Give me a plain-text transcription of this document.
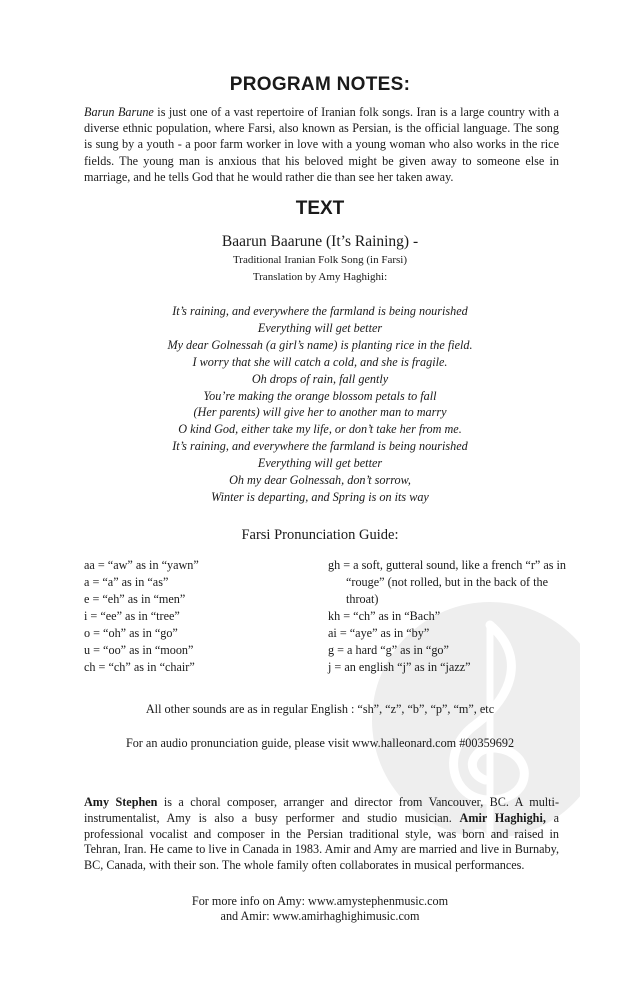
PROGRAM NOTES:

Barun Barune is just one of a vast repertoire of Iranian folk songs. Iran is a large country with a diverse ethnic population, where Farsi, also known as Persian, is the official language. The song is sung by a youth - a poor farm worker in love with a young woman who also works in the rice fields. The young man is anxious that his beloved might be given away to someone else in marriage, and he tells God that he would rather die than see her taken away.

TEXT

Baarun Baarune (It’s Raining) -

Traditional Iranian Folk Song (in Farsi)

Translation by Amy Haghighi:

It’s raining, and everywhere the farmland is being nourished
Everything will get better
My dear Golnessah (a girl’s name) is planting rice in the field.
I worry that she will catch a cold, and she is fragile.
Oh drops of rain, fall gently
You’re making the orange blossom petals to fall
(Her parents) will give her to another man to marry
O kind God, either take my life, or don’t take her from me.
It’s raining, and everywhere the farmland is being nourished
Everything will get better
Oh my dear Golnessah, don’t sorrow,
Winter is departing, and Spring is on its way
Farsi Pronunciation Guide:
aa = “aw” as in “yawn”
a = “a” as in “as”
e = “eh” as in “men”
i = “ee” as in “tree”
o = “oh” as in “go”
u = “oo” as in “moon”
ch = “ch” as in “chair”
gh = a soft, gutteral sound, like a french “r” as in “rouge” (not rolled, but in the back of the throat)
kh = “ch” as in “Bach”
ai = “aye” as in “by”
g = a hard “g” as in “go”
j = an english “j” as in “jazz”

All other sounds are as in regular English : “sh”, “z”, “b”, “p”, “m”, etc

For an audio pronunciation guide, please visit www.halleonard.com #00359692

Amy Stephen is a choral composer, arranger and director from Vancouver, BC. A multi-instrumentalist, Amy is also a busy performer and studio musician. Amir Haghighi, a professional vocalist and composer in the Persian traditional style, was born and raised in Tehran, Iran. He came to live in Canada in 1983. Amir and Amy are married and live in Burnaby, BC, Canada, with their son. The whole family often collaborates in musical performances.

For more info on Amy: www.amystephenmusic.com
and Amir: www.amirhaghighimusic.com
